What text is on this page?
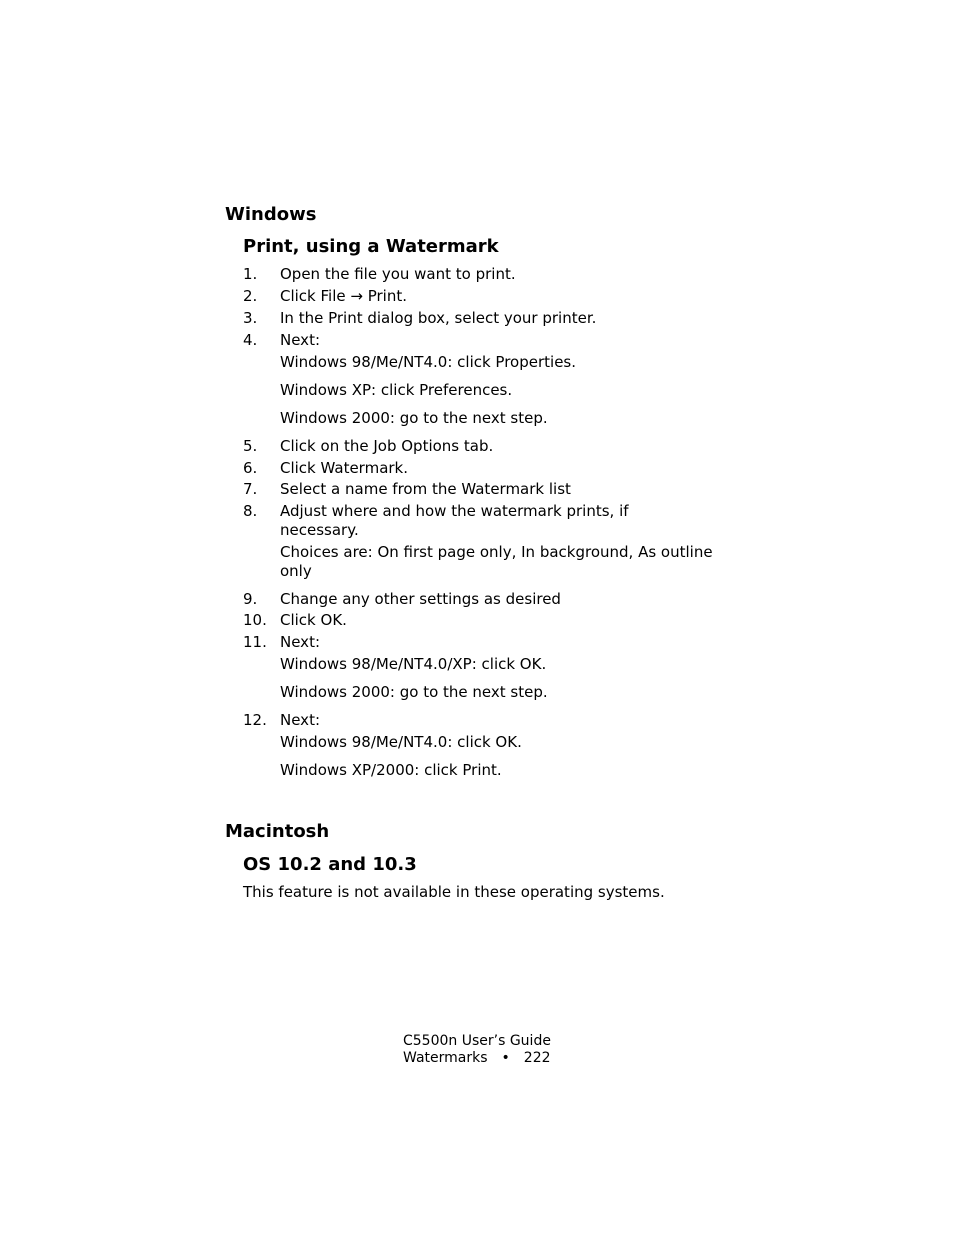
Windows
Print, using a Watermark
1. Open the file you want to print.
2. Click File → Print.
3. In the Print dialog box, select your printer.
4. Next:
Windows 98/Me/NT4.0: click Properties.
Windows XP: click Preferences.
Windows 2000: go to the next step.
5. Click on the Job Options tab.
6. Click Watermark.
7. Select a name from the Watermark list
8. Adjust where and how the watermark prints, if necessary.
Choices are: On first page only, In background, As outline only
9. Change any other settings as desired
10. Click OK.
11. Next:
Windows 98/Me/NT4.0/XP: click OK.
Windows 2000: go to the next step.
12. Next:
Windows 98/Me/NT4.0: click OK.
Windows XP/2000: click Print.
Macintosh
OS 10.2 and 10.3
This feature is not available in these operating systems.
C5500n User’s Guide
Watermarks • 222
